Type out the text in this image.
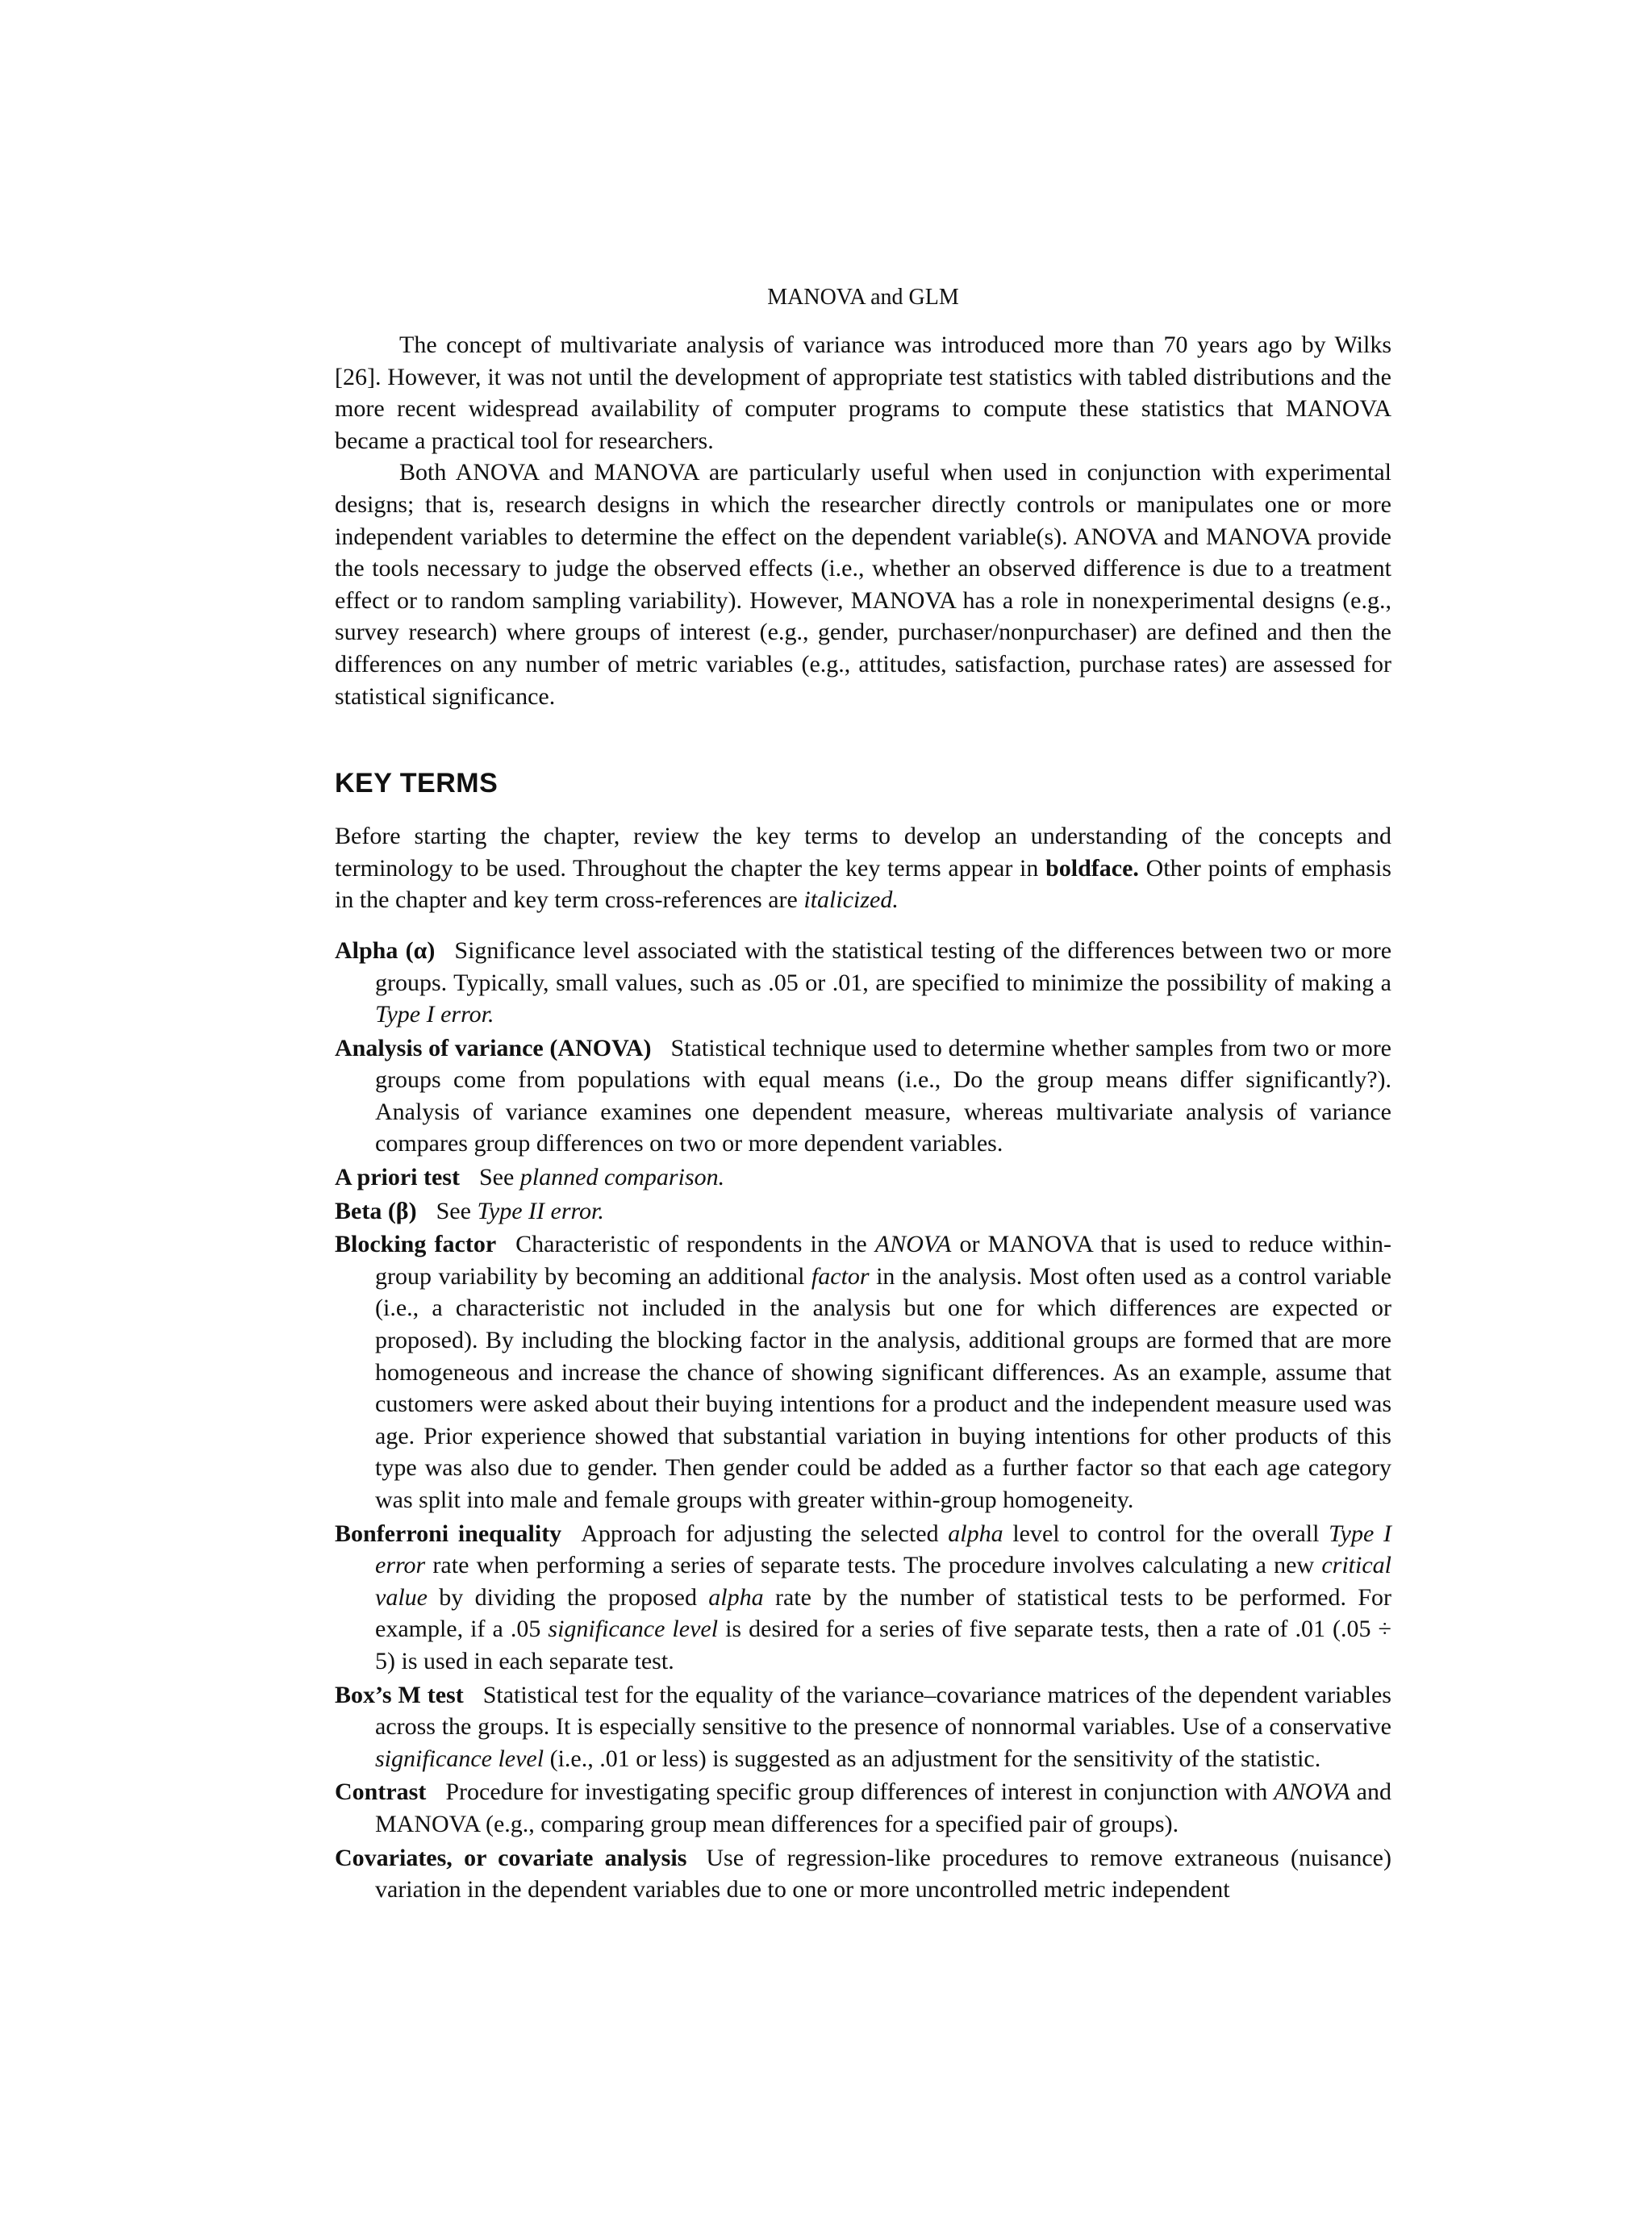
MANOVA and GLM

The concept of multivariate analysis of variance was introduced more than 70 years ago by Wilks [26]. However, it was not until the development of appropriate test statistics with tabled distributions and the more recent widespread availability of computer programs to compute these statistics that MANOVA became a practical tool for researchers.

Both ANOVA and MANOVA are particularly useful when used in conjunction with experimental designs; that is, research designs in which the researcher directly controls or manipulates one or more independent variables to determine the effect on the dependent variable(s). ANOVA and MANOVA provide the tools necessary to judge the observed effects (i.e., whether an observed difference is due to a treatment effect or to random sampling variability). However, MANOVA has a role in nonexperimental designs (e.g., survey research) where groups of interest (e.g., gender, purchaser/nonpurchaser) are defined and then the differences on any number of metric variables (e.g., attitudes, satisfaction, purchase rates) are assessed for statistical significance.

KEY TERMS

Before starting the chapter, review the key terms to develop an understanding of the concepts and terminology to be used. Throughout the chapter the key terms appear in boldface. Other points of emphasis in the chapter and key term cross-references are italicized.

Alpha (α) Significance level associated with the statistical testing of the differences between two or more groups. Typically, small values, such as .05 or .01, are specified to minimize the possibility of making a Type I error.

Analysis of variance (ANOVA) Statistical technique used to determine whether samples from two or more groups come from populations with equal means (i.e., Do the group means differ significantly?). Analysis of variance examines one dependent measure, whereas multivariate analysis of variance compares group differences on two or more dependent variables.

A priori test See planned comparison.

Beta (β) See Type II error.

Blocking factor Characteristic of respondents in the ANOVA or MANOVA that is used to reduce within-group variability by becoming an additional factor in the analysis. Most often used as a control variable (i.e., a characteristic not included in the analysis but one for which differences are expected or proposed). By including the blocking factor in the analysis, additional groups are formed that are more homogeneous and increase the chance of showing significant differences. As an example, assume that customers were asked about their buying intentions for a product and the independent measure used was age. Prior experience showed that substantial variation in buying intentions for other products of this type was also due to gender. Then gender could be added as a further factor so that each age category was split into male and female groups with greater within-group homogeneity.

Bonferroni inequality Approach for adjusting the selected alpha level to control for the overall Type I error rate when performing a series of separate tests. The procedure involves calculating a new critical value by dividing the proposed alpha rate by the number of statistical tests to be performed. For example, if a .05 significance level is desired for a series of five separate tests, then a rate of .01 (.05 ÷ 5) is used in each separate test.

Box’s M test Statistical test for the equality of the variance–covariance matrices of the dependent variables across the groups. It is especially sensitive to the presence of nonnormal variables. Use of a conservative significance level (i.e., .01 or less) is suggested as an adjustment for the sensitivity of the statistic.

Contrast Procedure for investigating specific group differences of interest in conjunction with ANOVA and MANOVA (e.g., comparing group mean differences for a specified pair of groups).

Covariates, or covariate analysis Use of regression-like procedures to remove extraneous (nuisance) variation in the dependent variables due to one or more uncontrolled metric independent
